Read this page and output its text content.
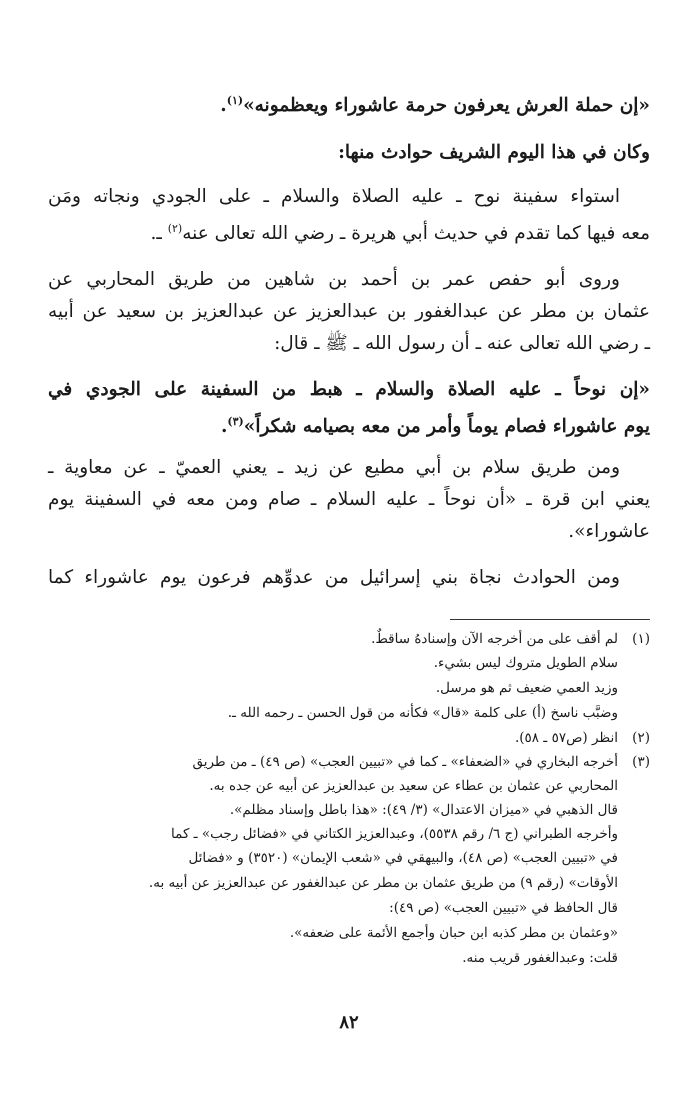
«إن حملة العرش يعرفون حرمة عاشوراء ويعظمونه»$^{(١)}$.
وكان في هذا اليوم الشريف حوادث منها:
استواء سفينة نوح ـ عليه الصلاة والسلام ـ على الجودي ونجاته ومَن
معه فيها كما تقدم في حديث أبي هريرة ـ رضي الله تعالى عنه$^{(٢)}$ ـ.
وروى أبو حفص عمر بن أحمد بن شاهين من طريق المحاربي عن
عثمان بن مطر عن عبدالغفور بن عبدالعزيز عن عبدالعزيز بن سعيد عن أبيه
ـ رضي الله تعالى عنه ـ أن رسول الله ـ ﷺ ـ قال:
«إن نوحاً ـ عليه الصلاة والسلام ـ هبط من السفينة على الجودي في
يوم عاشوراء فصام يوماً وأمر من معه بصيامه شكراً»$^{(٣)}$.
ومن طريق سلام بن أبي مطيع عن زيد ـ يعني العميّ ـ عن معاوية ـ
يعني ابن قرة ـ «أن نوحاً ـ عليه السلام ـ صام ومن معه في السفينة يوم
عاشوراء».
ومن الحوادث نجاة بني إسرائيل من عدوِّهم فرعون يوم عاشوراء كما
(١)لم أقف على من أخرجه الآن وإسنادهُ ساقطٌ.
سلام الطويل متروك ليس بشيء.
وزيد العمي ضعيف ثم هو مرسل.
وضبَّب ناسخ (أ) على كلمة «قال» فكأنه من قول الحسن ـ رحمه الله ـ.
(٢)انظر (ص٥٧ ـ ٥٨).
(٣)أخرجه البخاري في «الضعفاء» ـ كما في «تبيين العجب» (ص ٤٩) ـ من طريق
المحاربي عن عثمان بن عطاء عن سعيد بن عبدالعزيز عن أبيه عن جده به.
قال الذهبي في «ميزان الاعتدال» (٣/ ٤٩): «هذا باطل وإسناد مظلم».
وأخرجه الطبراني (ج ٦/ رقم ٥٥٣٨)، وعبدالعزيز الكتاني في «فضائل رجب» ـ كما
في «تبيين العجب» (ص ٤٨)، والبيهقي في «شعب الإيمان» (٣٥٢٠) و «فضائل
الأوقات» (رقم ٩) من طريق عثمان بن مطر عن عبدالغفور عن عبدالعزيز عن أبيه به.
قال الحافظ في «تبيين العجب» (ص ٤٩):
«وعثمان بن مطر كذبه ابن حبان وأجمع الأئمة على ضعفه».
قلت: وعبدالغفور قريب منه.
٨٢
